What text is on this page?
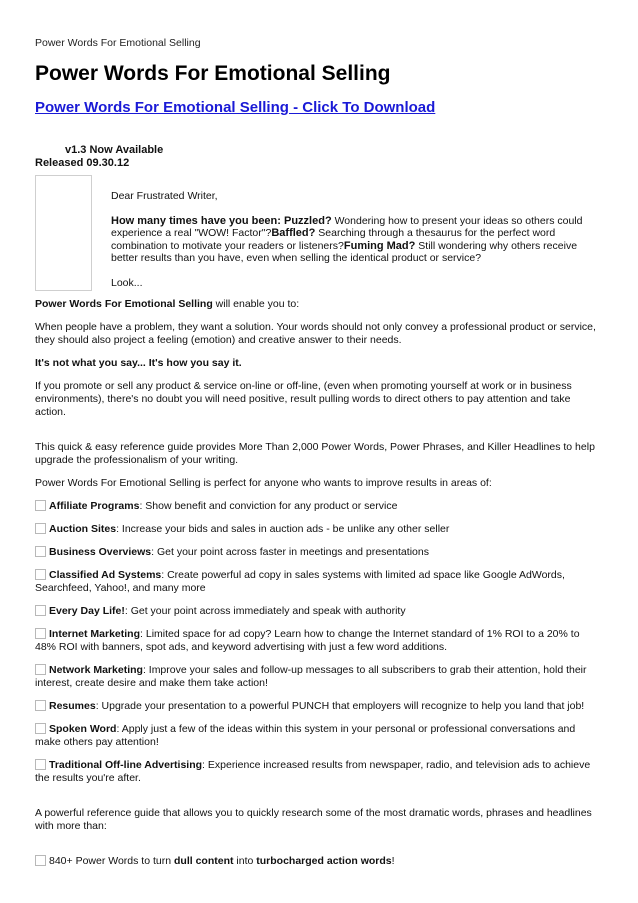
Power Words For Emotional Selling
Power Words For Emotional Selling
Power Words For Emotional Selling - Click To Download
v1.3 Now Available
Released 09.30.12

Dear Frustrated Writer,

How many times have you been: Puzzled? Wondering how to present your ideas so others could experience a real "WOW! Factor"?Baffled? Searching through a thesaurus for the perfect word combination to motivate your readers or listeners?Fuming Mad? Still wondering why others receive better results than you have, even when selling the identical product or service?

Look...

Power Words For Emotional Selling will enable you to:

When people have a problem, they want a solution. Your words should not only convey a professional product or service, they should also project a feeling (emotion) and creative answer to their needs.

It's not what you say... It's how you say it.

If you promote or sell any product & service on-line or off-line, (even when promoting yourself at work or in business environments), there's no doubt you will need positive, result pulling words to direct others to pay attention and take action.

This quick & easy reference guide provides More Than 2,000 Power Words, Power Phrases, and Killer Headlines to help upgrade the professionalism of your writing.

Power Words For Emotional Selling is perfect for anyone who wants to improve results in areas of:

Affiliate Programs: Show benefit and conviction for any product or service

Auction Sites: Increase your bids and sales in auction ads - be unlike any other seller

Business Overviews: Get your point across faster in meetings and presentations

Classified Ad Systems: Create powerful ad copy in sales systems with limited ad space like Google AdWords, Searchfeed, Yahoo!, and many more

Every Day Life!: Get your point across immediately and speak with authority

Internet Marketing: Limited space for ad copy? Learn how to change the Internet standard of 1% ROI to a 20% to 48% ROI with banners, spot ads, and keyword advertising with just a few word additions.

Network Marketing: Improve your sales and follow-up messages to all subscribers to grab their attention, hold their interest, create desire and make them take action!

Resumes: Upgrade your presentation to a powerful PUNCH that employers will recognize to help you land that job!

Spoken Word: Apply just a few of the ideas within this system in your personal or professional conversations and make others pay attention!

Traditional Off-line Advertising: Experience increased results from newspaper, radio, and television ads to achieve the results you're after.

A powerful reference guide that allows you to quickly research some of the most dramatic words, phrases and headlines with more than:

840+ Power Words to turn dull content into turbocharged action words!
